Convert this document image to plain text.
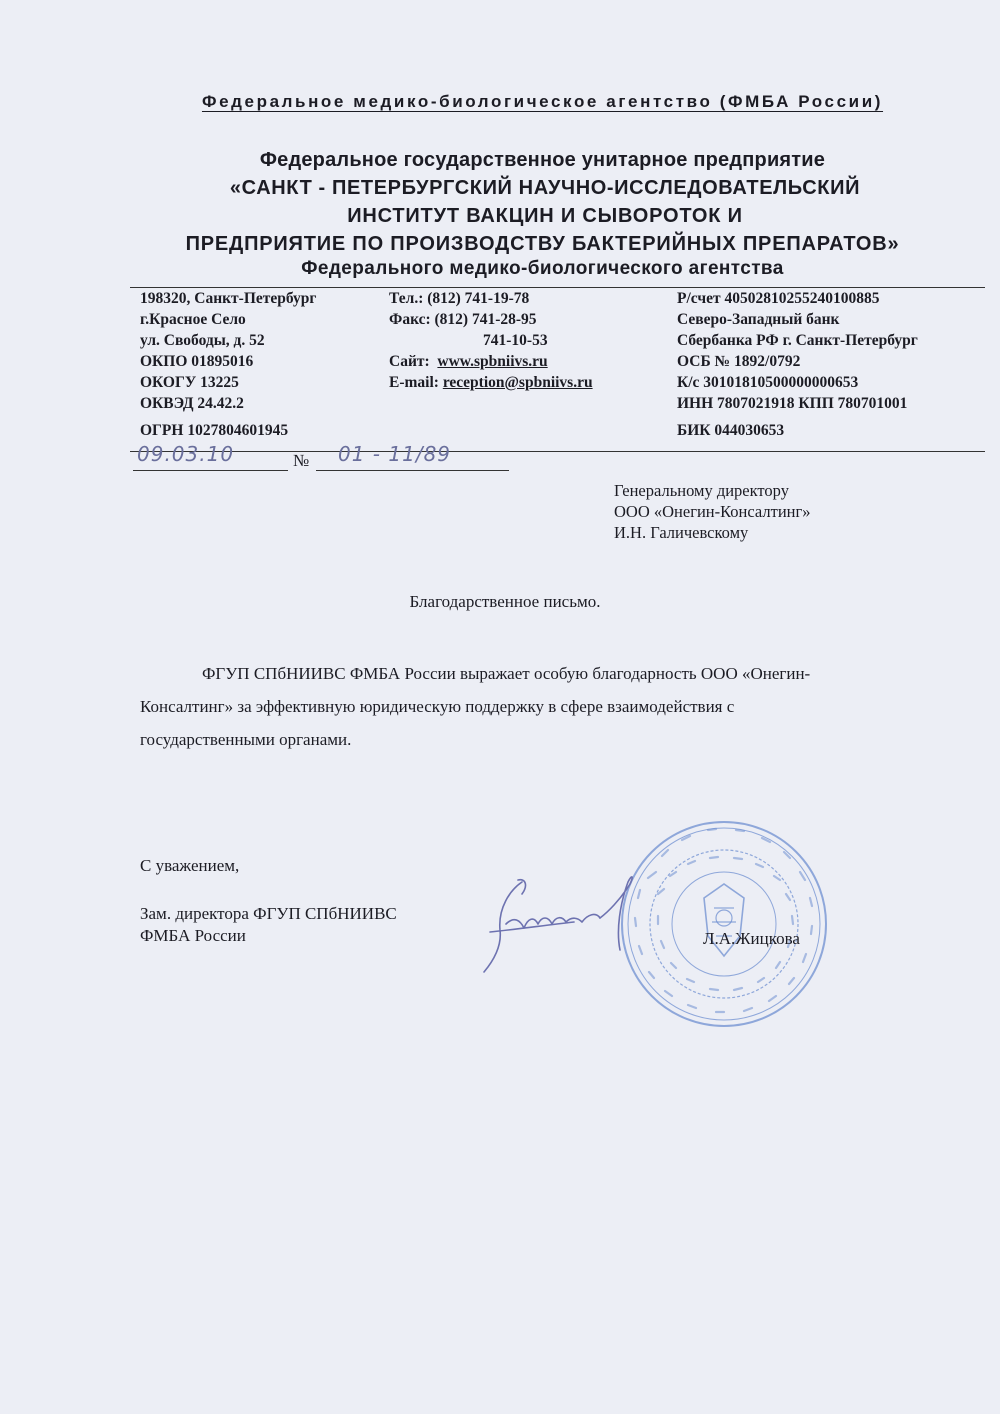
Федеральное медико-биологическое агентство (ФМБА России)
Федеральное государственное унитарное предприятие
«САНКТ - ПЕТЕРБУРГСКИЙ НАУЧНО-ИССЛЕДОВАТЕЛЬСКИЙ
ИНСТИТУТ ВАКЦИН И СЫВОРОТОК И
ПРЕДПРИЯТИЕ ПО ПРОИЗВОДСТВУ БАКТЕРИЙНЫХ ПРЕПАРАТОВ»
Федерального медико-биологического агентства
198320, Санкт-Петербург
г.Красное Село
ул. Свободы, д. 52
ОКПО 01895016
ОКОГУ 13225
ОКВЭД 24.42.2
ОГРН 1027804601945
Тел.: (812) 741-19-78
Факс: (812) 741-28-95
741-10-53
Сайт: www.spbniivs.ru
E-mail: reception@spbniivs.ru
Р/счет 40502810255240100885
Северо-Западный банк
Сбербанка РФ г. Санкт-Петербург
ОСБ № 1892/0792
К/с 30101810500000000653
ИНН 7807021918 КПП 780701001
БИК 044030653
09.03.10	№ 01 - 11/89
Генеральному директору
ООО «Онегин-Консалтинг»
И.Н. Галичевскому
Благодарственное письмо.
ФГУП СПбНИИВС ФМБА России выражает особую благодарность ООО «Онегин-
Консалтинг» за эффективную юридическую поддержку в сфере взаимодействия с
государственными органами.
С уважением,
Зам. директора ФГУП СПбНИИВС
ФМБА России	Л.А.Жицкова
